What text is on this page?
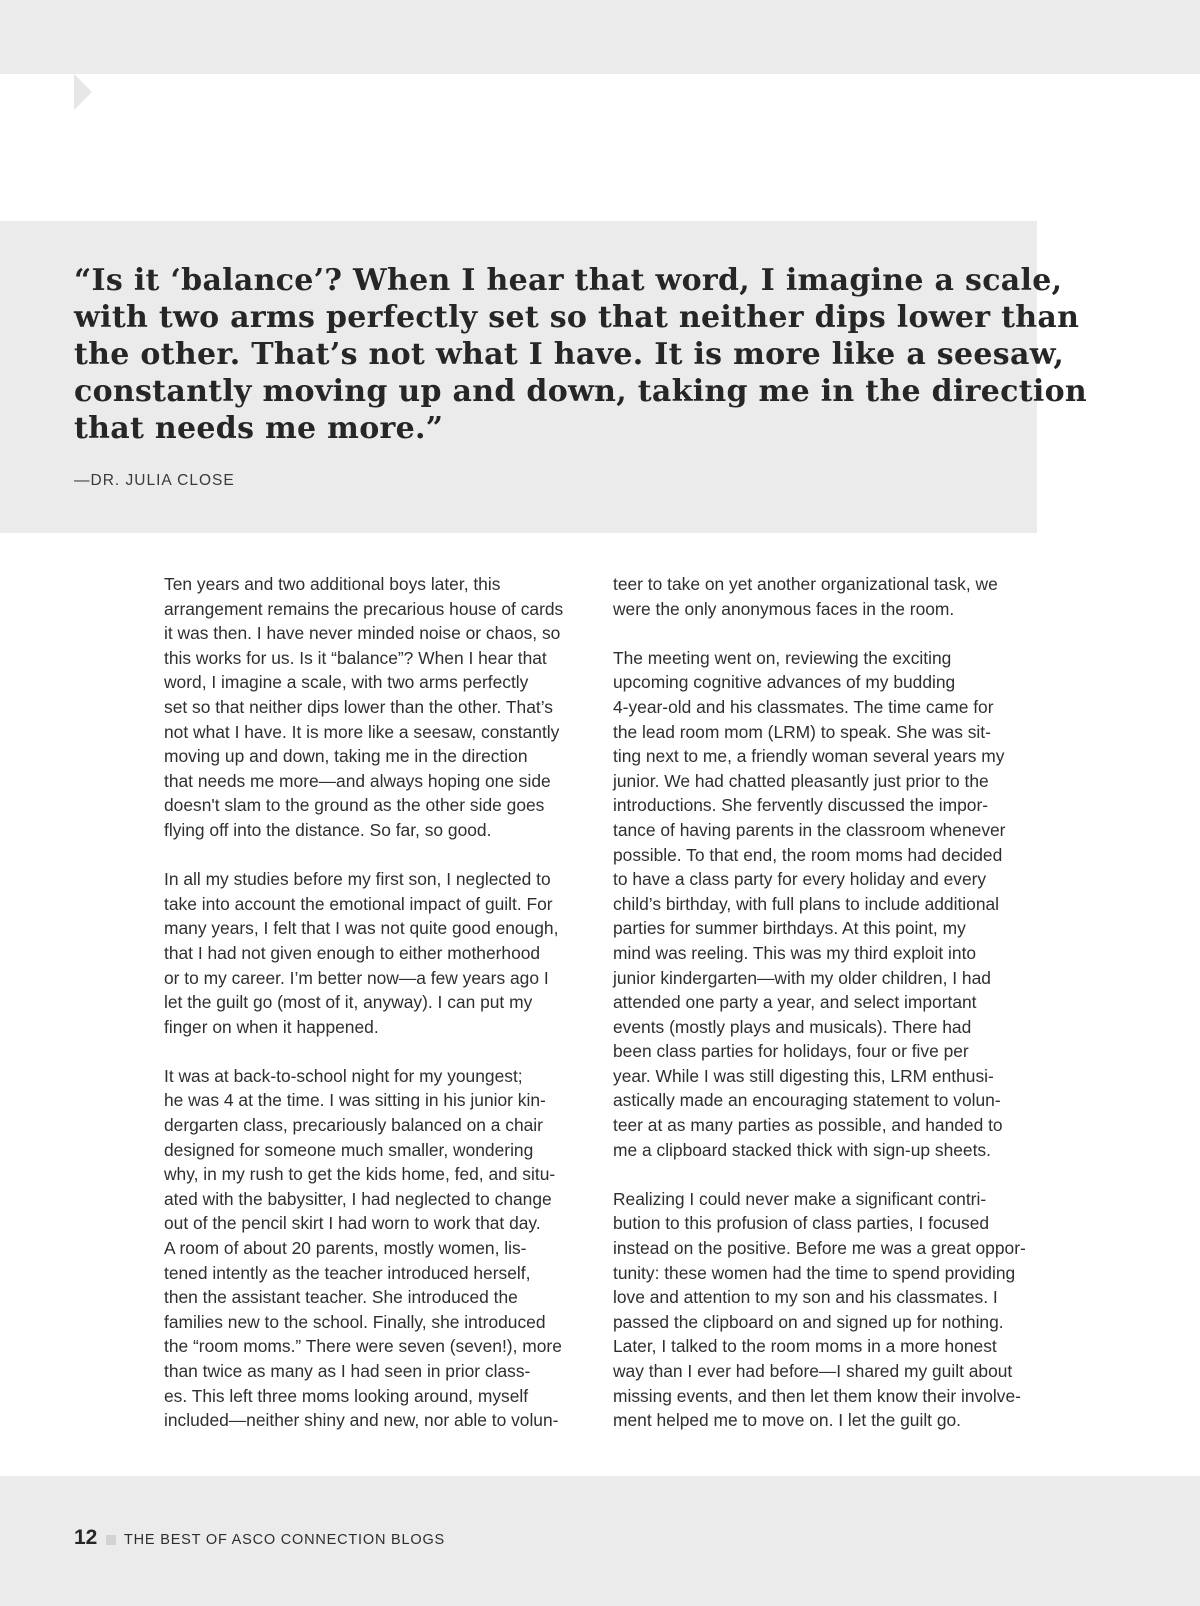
“Is it ‘balance’? When I hear that word, I imagine a scale,
with two arms perfectly set so that neither dips lower than
the other. That’s not what I have. It is more like a seesaw,
constantly moving up and down, taking me in the direction
that needs me more.”

—DR. JULIA CLOSE

Ten years and two additional boys later, this
arrangement remains the precarious house of cards
it was then. I have never minded noise or chaos, so
this works for us. Is it “balance”? When I hear that
word, I imagine a scale, with two arms perfectly
set so that neither dips lower than the other. That’s
not what I have. It is more like a seesaw, constantly
moving up and down, taking me in the direction
that needs me more—and always hoping one side
doesn't slam to the ground as the other side goes
flying off into the distance. So far, so good.

In all my studies before my first son, I neglected to
take into account the emotional impact of guilt. For
many years, I felt that I was not quite good enough,
that I had not given enough to either motherhood
or to my career. I’m better now—a few years ago I
let the guilt go (most of it, anyway). I can put my
finger on when it happened.

It was at back-to-school night for my youngest;
he was 4 at the time. I was sitting in his junior kin-
dergarten class, precariously balanced on a chair
designed for someone much smaller, wondering
why, in my rush to get the kids home, fed, and situ-
ated with the babysitter, I had neglected to change
out of the pencil skirt I had worn to work that day.
A room of about 20 parents, mostly women, lis-
tened intently as the teacher introduced herself,
then the assistant teacher. She introduced the
families new to the school. Finally, she introduced
the “room moms.” There were seven (seven!), more
than twice as many as I had seen in prior class-
es. This left three moms looking around, myself
included—neither shiny and new, nor able to volun-

teer to take on yet another organizational task, we
were the only anonymous faces in the room.

The meeting went on, reviewing the exciting
upcoming cognitive advances of my budding
4-year-old and his classmates. The time came for
the lead room mom (LRM) to speak. She was sit-
ting next to me, a friendly woman several years my
junior. We had chatted pleasantly just prior to the
introductions. She fervently discussed the impor-
tance of having parents in the classroom whenever
possible. To that end, the room moms had decided
to have a class party for every holiday and every
child’s birthday, with full plans to include additional
parties for summer birthdays. At this point, my
mind was reeling. This was my third exploit into
junior kindergarten—with my older children, I had
attended one party a year, and select important
events (mostly plays and musicals). There had
been class parties for holidays, four or five per
year. While I was still digesting this, LRM enthusi-
astically made an encouraging statement to volun-
teer at as many parties as possible, and handed to
me a clipboard stacked thick with sign-up sheets.

Realizing I could never make a significant contri-
bution to this profusion of class parties, I focused
instead on the positive. Before me was a great oppor-
tunity: these women had the time to spend providing
love and attention to my son and his classmates. I
passed the clipboard on and signed up for nothing.
Later, I talked to the room moms in a more honest
way than I ever had before—I shared my guilt about
missing events, and then let them know their involve-
ment helped me to move on. I let the guilt go.

12 THE BEST OF ASCO CONNECTION BLOGS
